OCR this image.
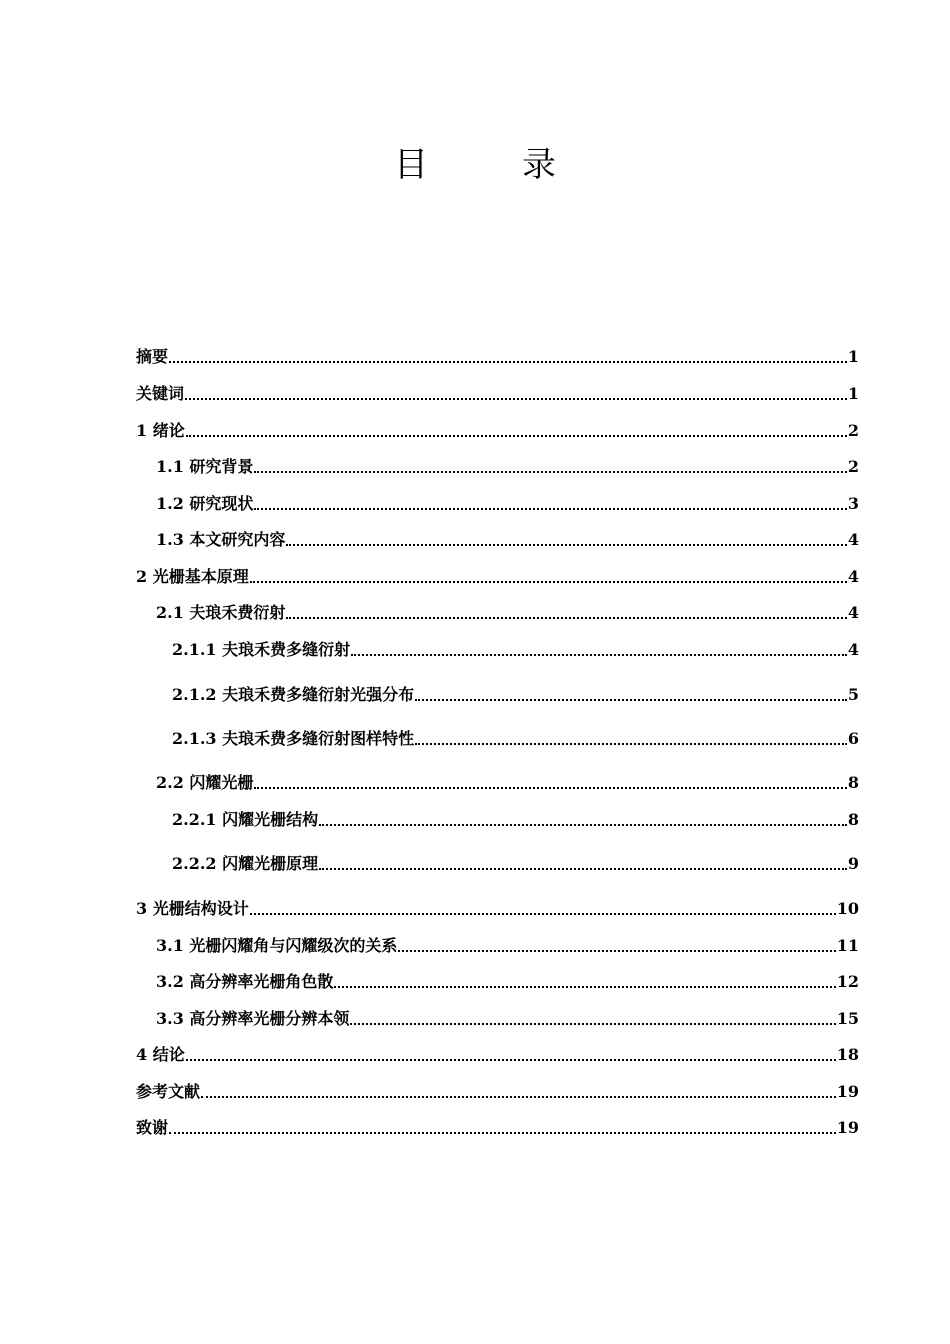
目　录
摘要	1
关键词	1
1 绪论	2
1.1 研究背景	2
1.2 研究现状	3
1.3 本文研究内容	4
2 光栅基本原理	4
2.1 夫琅禾费衍射	4
2.1.1 夫琅禾费多缝衍射	4
2.1.2 夫琅禾费多缝衍射光强分布	5
2.1.3 夫琅禾费多缝衍射图样特性	6
2.2 闪耀光栅	8
2.2.1 闪耀光栅结构	8
2.2.2 闪耀光栅原理	9
3 光栅结构设计	10
3.1 光栅闪耀角与闪耀级次的关系	11
3.2 高分辨率光栅角色散	12
3.3 高分辨率光栅分辨本领	15
4 结论	18
参考文献	19
致谢	19
